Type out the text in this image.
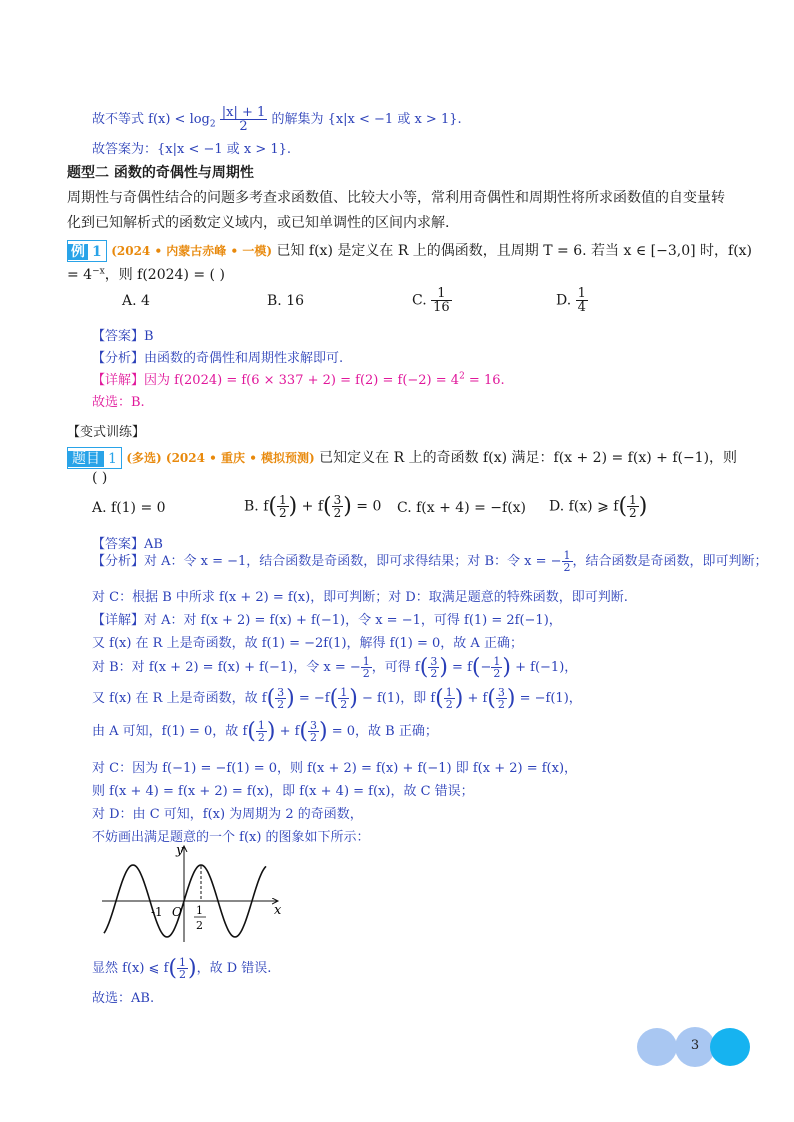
故不等式 $f(x) < \log_2 \frac{|x| + 1}{2}$ 的解集为 {x|x < −1 或 x > 1}.
故答案为：{x|x < −1 或 x > 1}.
题型二 函数的奇偶性与周期性
周期性与奇偶性结合的问题多考查求函数值、比较大小等，常利用奇偶性和周期性将所求函数值的自变量转
化到已知解析式的函数定义域内，或已知单调性的区间内求解.
例 1 (2024 • 内蒙古赤峰 • 一模) 已知 f(x) 是定义在 R 上的偶函数，且周期 T = 6. 若当 x ∈ [−3,0] 时，f(x)
= $4^{-x}$，则 f(2024) = ( )
A. 4	B. 16	C. $\frac{1}{16}$	D. $\frac{1}{4}$
【答案】B
【分析】由函数的奇偶性和周期性求解即可.
【详解】因为 $f(2024) = f(6 \times 337 + 2) = f(2) = f(-2) = 4^2 = 16$.
故选：B.
【变式训练】
题目 1 (多选) (2024 • 重庆 • 模拟预测) 已知定义在 R 上的奇函数 f(x) 满足：f(x + 2) = f(x) + f(−1)，则
( )
A. f(1) = 0	B. $f( \frac{1}{2}$ ) + $f( \frac{3}{2}$ ) = 0 C. f(x + 4) = −f(x) D. f(x) ⩾ $f( \frac{1}{2}$ )
【答案】AB
【分析】对 A：令 x = −1，结合函数是奇函数，即可求得结果；对 B：令 x = − $\frac{1}{2}$ ，结合函数是奇函数，即可判断；
对 C：根据 B 中所求 f(x + 2) = f(x)，即可判断；对 D：取满足题意的特殊函数，即可判断.
【详解】对 A：对 f(x + 2) = f(x) + f(−1)，令 x = −1，可得 f(1) = 2f(−1)，
又 f(x) 在 R 上是奇函数，故 f(1) = −2f(1)，解得 f(1) = 0，故 A 正确；
对 B：对 f(x + 2) = f(x) + f(−1)，令 x = − $\frac{1}{2}$ ，可得 $f( \frac{3}{2}$ ) = $f(- \frac{1}{2}$ ) + f(−1)，
又 f(x) 在 R 上是奇函数，故 $f( \frac{3}{2}$ ) = $-f( \frac{1}{2}$ ) − f(1)，即 $f( \frac{1}{2}$ ) + $f( \frac{3}{2}$ ) = −f(1)，
由 A 可知，f(1) = 0，故 $f( \frac{1}{2}$ ) + $f( \frac{3}{2}$ ) = 0，故 B 正确；
对 C：因为 f(−1) = −f(1) = 0，则 f(x + 2) = f(x) + f(−1) 即 f(x + 2) = f(x)，
则 f(x + 4) = f(x + 2) = f(x)，即 f(x + 4) = f(x)，故 C 错误；
对 D：由 C 可知，f(x) 为周期为 2 的奇函数，
不妨画出满足题意的一个 f(x) 的图象如下所示：
y
x
O
-1	1
2
显然 f(x) ⩽ $f( \frac{1}{2}$ )，故 D 错误.
故选：AB.
3
